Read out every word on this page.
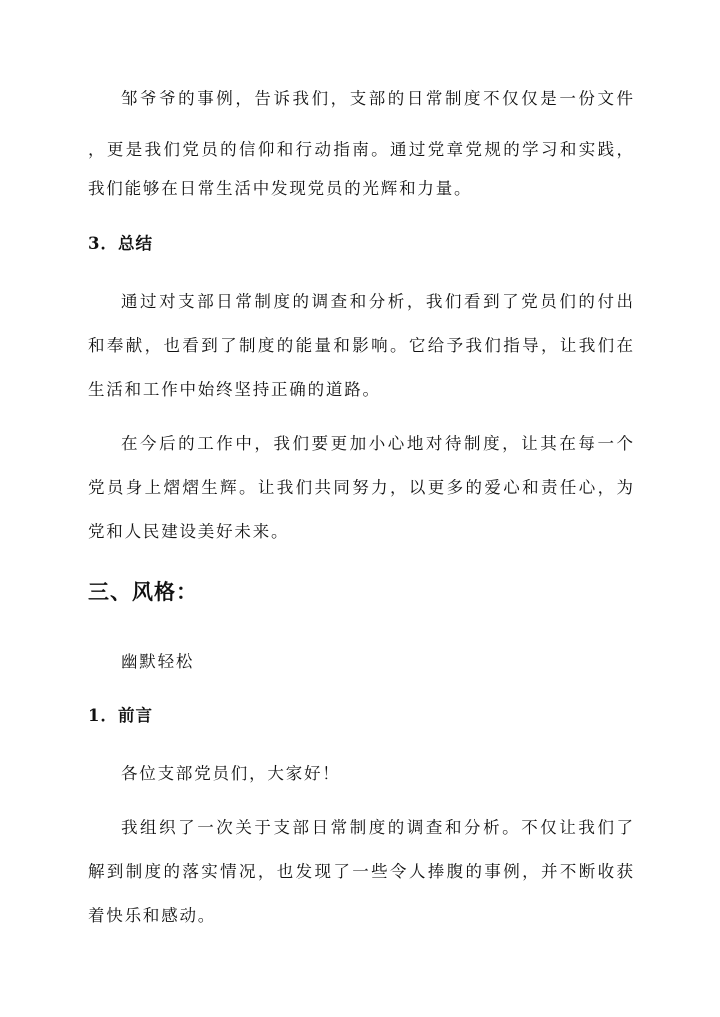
邹爷爷的事例，告诉我们，支部的日常制度不仅仅是一份文件
，更是我们党员的信仰和行动指南。通过党章党规的学习和实践，
我们能够在日常生活中发现党员的光辉和力量。
3．总结
通过对支部日常制度的调查和分析，我们看到了党员们的付出
和奉献，也看到了制度的能量和影响。它给予我们指导，让我们在
生活和工作中始终坚持正确的道路。
在今后的工作中，我们要更加小心地对待制度，让其在每一个
党员身上熠熠生辉。让我们共同努力，以更多的爱心和责任心，为
党和人民建设美好未来。
三、风格：
幽默轻松
1．前言
各位支部党员们，大家好！
我组织了一次关于支部日常制度的调查和分析。不仅让我们了
解到制度的落实情况，也发现了一些令人捧腹的事例，并不断收获
着快乐和感动。
